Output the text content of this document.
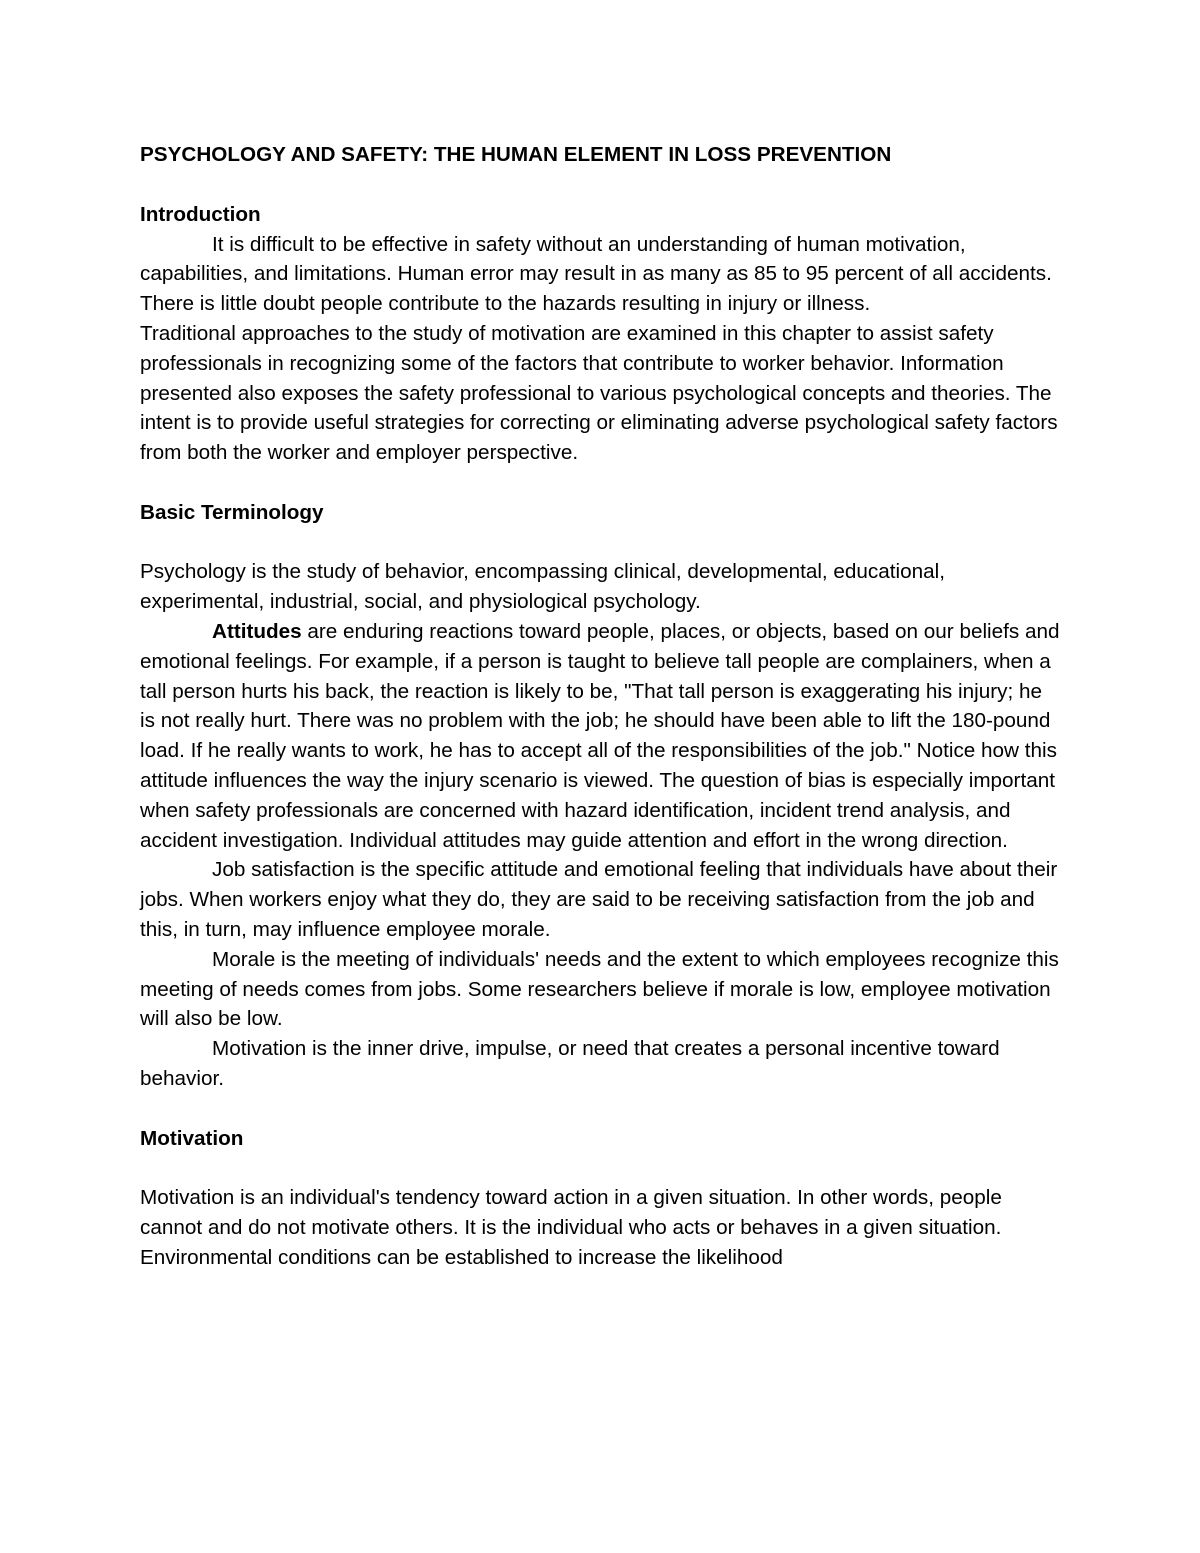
PSYCHOLOGY AND SAFETY: THE HUMAN ELEMENT IN LOSS PREVENTION

Introduction

It is difficult to be effective in safety without an understanding of human motivation, capabilities, and limitations. Human error may result in as many as 85 to 95 percent of all accidents. There is little doubt people contribute to the hazards resulting in injury or illness.

Traditional approaches to the study of motivation are examined in this chapter to assist safety professionals in recognizing some of the factors that contribute to worker behavior. Information presented also exposes the safety professional to various psychological concepts and theories. The intent is to provide useful strategies for correcting or eliminating adverse psychological safety factors from both the worker and employer perspective.

Basic Terminology

Psychology is the study of behavior, encompassing clinical, developmental, educational, experimental, industrial, social, and physiological psychology.

Attitudes are enduring reactions toward people, places, or objects, based on our beliefs and emotional feelings. For example, if a person is taught to believe tall people are complainers, when a tall person hurts his back, the reaction is likely to be, "That tall person is exaggerating his injury; he is not really hurt. There was no problem with the job; he should have been able to lift the 180-pound load. If he really wants to work, he has to accept all of the responsibilities of the job." Notice how this attitude influences the way the injury scenario is viewed. The question of bias is especially important when safety professionals are concerned with hazard identification, incident trend analysis, and accident investigation. Individual attitudes may guide attention and effort in the wrong direction.

Job satisfaction is the specific attitude and emotional feeling that individuals have about their jobs. When workers enjoy what they do, they are said to be receiving satisfaction from the job and this, in turn, may influence employee morale.

Morale is the meeting of individuals' needs and the extent to which employees recognize this meeting of needs comes from jobs. Some researchers believe if morale is low, employee motivation will also be low.

Motivation is the inner drive, impulse, or need that creates a personal incentive toward behavior.

Motivation

Motivation is an individual's tendency toward action in a given situation. In other words, people cannot and do not motivate others. It is the individual who acts or behaves in a given situation. Environmental conditions can be established to increase the likelihood
